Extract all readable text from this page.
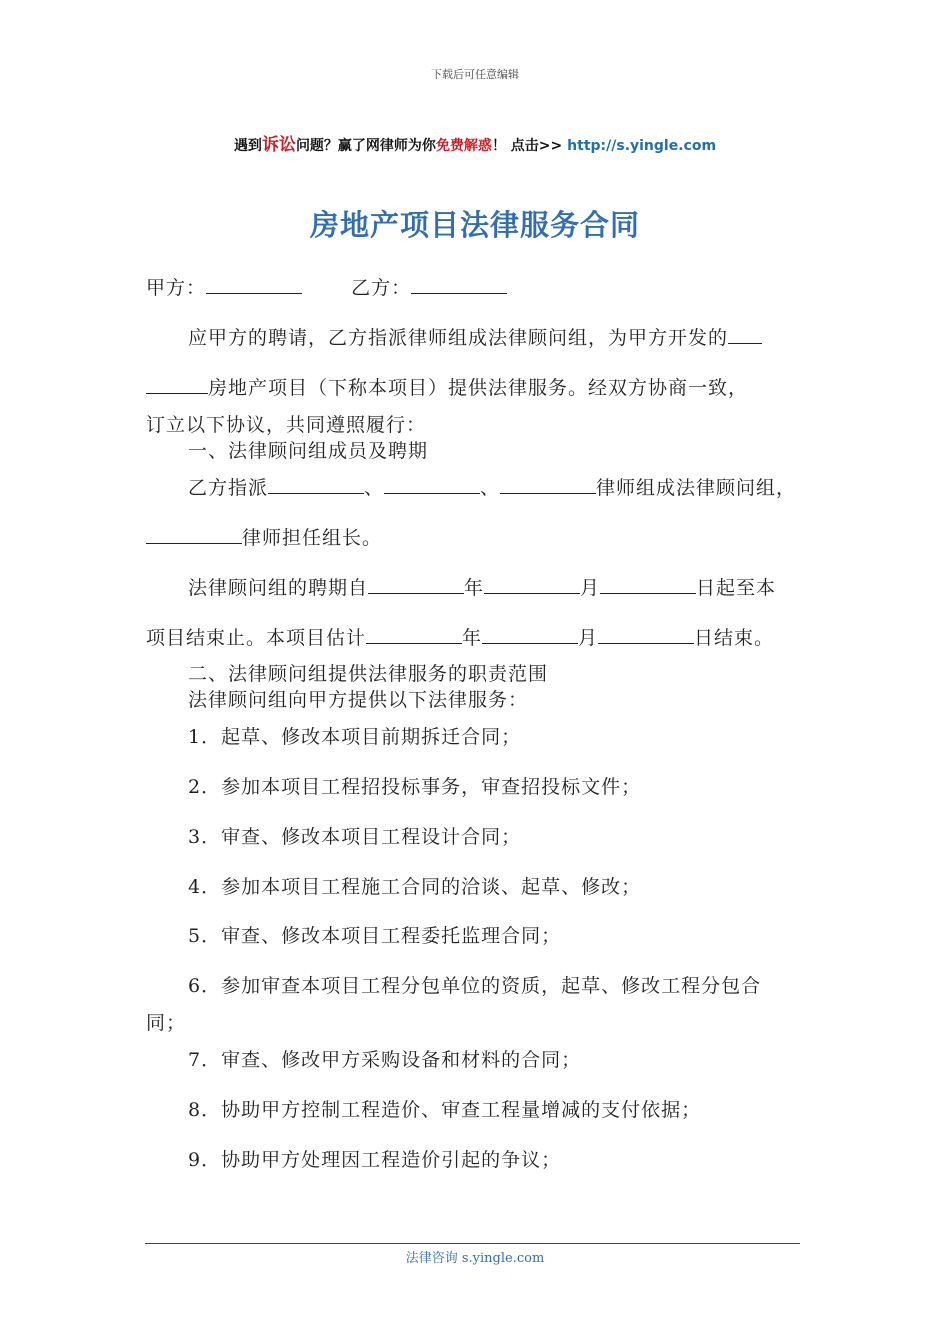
下载后可任意编辑
遇到诉讼问题？赢了网律师为你免费解惑！ 点击>> http://s.yingle.com
房地产项目法律服务合同
甲方：	乙方：
应甲方的聘请，乙方指派律师组成法律顾问组，为甲方开发的
房地产项目（下称本项目）提供法律服务。经双方协商一致，
订立以下协议，共同遵照履行：
一、法律顾问组成员及聘期
乙方指派	、	、	律师组成法律顾问组，
律师担任组长。
法律顾问组的聘期自	年	月	日起至本
项目结束止。本项目估计	年	月	日结束。
二、法律顾问组提供法律服务的职责范围
法律顾问组向甲方提供以下法律服务：
1．起草、修改本项目前期拆迁合同；
2．参加本项目工程招投标事务，审查招投标文件；
3．审查、修改本项目工程设计合同；
4．参加本项目工程施工合同的洽谈、起草、修改；
5．审查、修改本项目工程委托监理合同；
6．参加审查本项目工程分包单位的资质，起草、修改工程分包合
同；
7．审查、修改甲方采购设备和材料的合同；
8．协助甲方控制工程造价、审查工程量增减的支付依据；
9．协助甲方处理因工程造价引起的争议；
法律咨询 s.yingle.com
